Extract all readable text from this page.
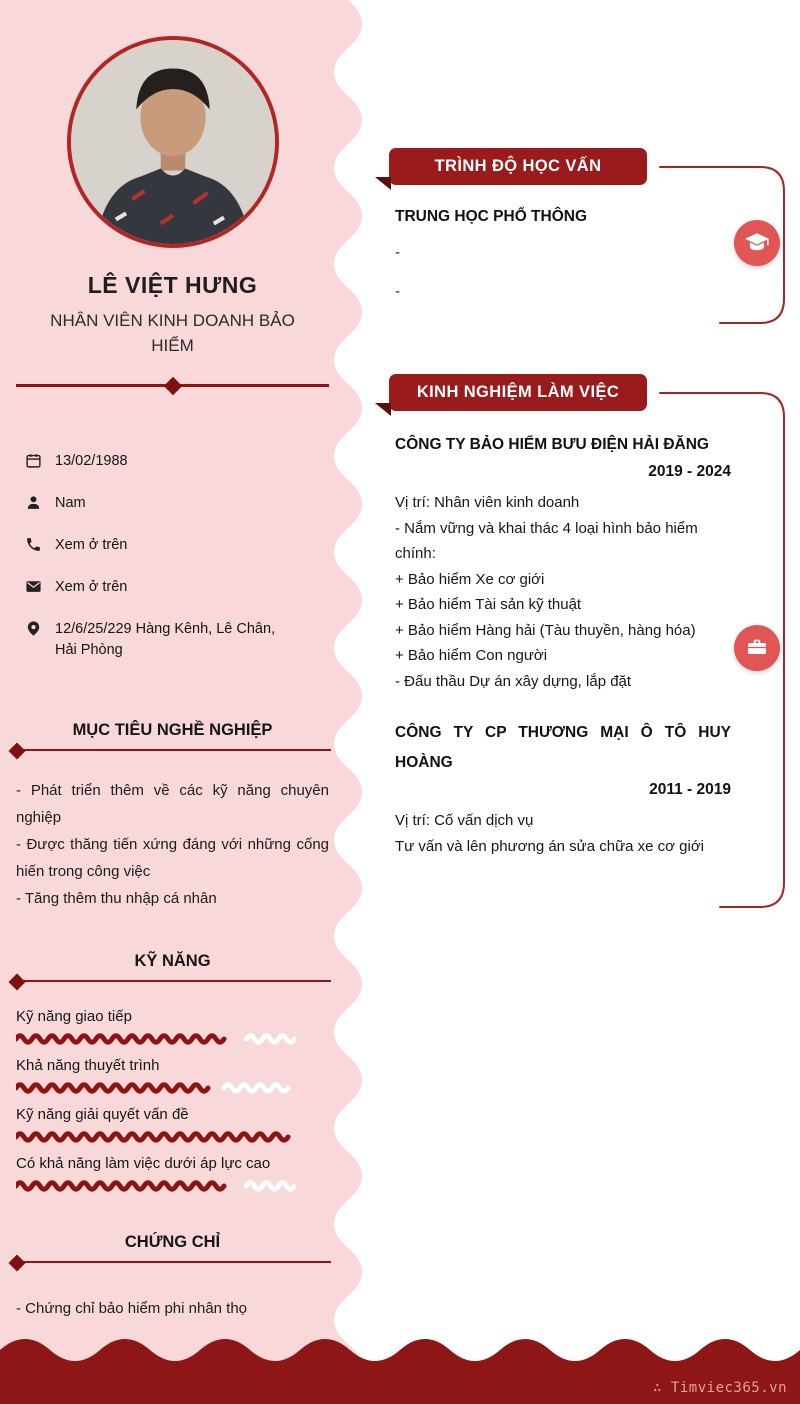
LÊ VIỆT HƯNG
NHÂN VIÊN KINH DOANH BẢO HIỂM
13/02/1988
Nam
Xem ở trên
Xem ở trên
12/6/25/229 Hàng Kênh, Lê Chân, Hải Phòng
MỤC TIÊU NGHỀ NGHIỆP
- Phát triển thêm về các kỹ năng chuyên nghiệp
- Được thăng tiến xứng đáng với những cống hiến trong công việc
- Tăng thêm thu nhập cá nhân
KỸ NĂNG
Kỹ năng giao tiếp
Khả năng thuyết trình
Kỹ năng giải quyết vấn đề
Có khả năng làm việc dưới áp lực cao
CHỨNG CHỈ
- Chứng chỉ bảo hiểm phi nhân thọ
TRÌNH ĐỘ HỌC VẤN
TRUNG HỌC PHỔ THÔNG
-
-
KINH NGHIỆM LÀM VIỆC
CÔNG TY BẢO HIỂM BƯU ĐIỆN HẢI ĐĂNG
2019 - 2024
Vị trí: Nhân viên kinh doanh
- Nắm vững và khai thác 4 loại hình bảo hiểm chính:
+ Bảo hiểm Xe cơ giới
+ Bảo hiểm Tài sản kỹ thuật
+ Bảo hiểm Hàng hải (Tàu thuyền, hàng hóa)
+ Bảo hiểm Con người
- Đấu thầu Dự án xây dựng, lắp đặt
CÔNG TY CP THƯƠNG MẠI Ô TÔ HUY HOÀNG
2011 - 2019
Vị trí: Cố vấn dịch vụ
Tư vấn và lên phương án sửa chữa xe cơ giới
∴ Timviec365.vn
